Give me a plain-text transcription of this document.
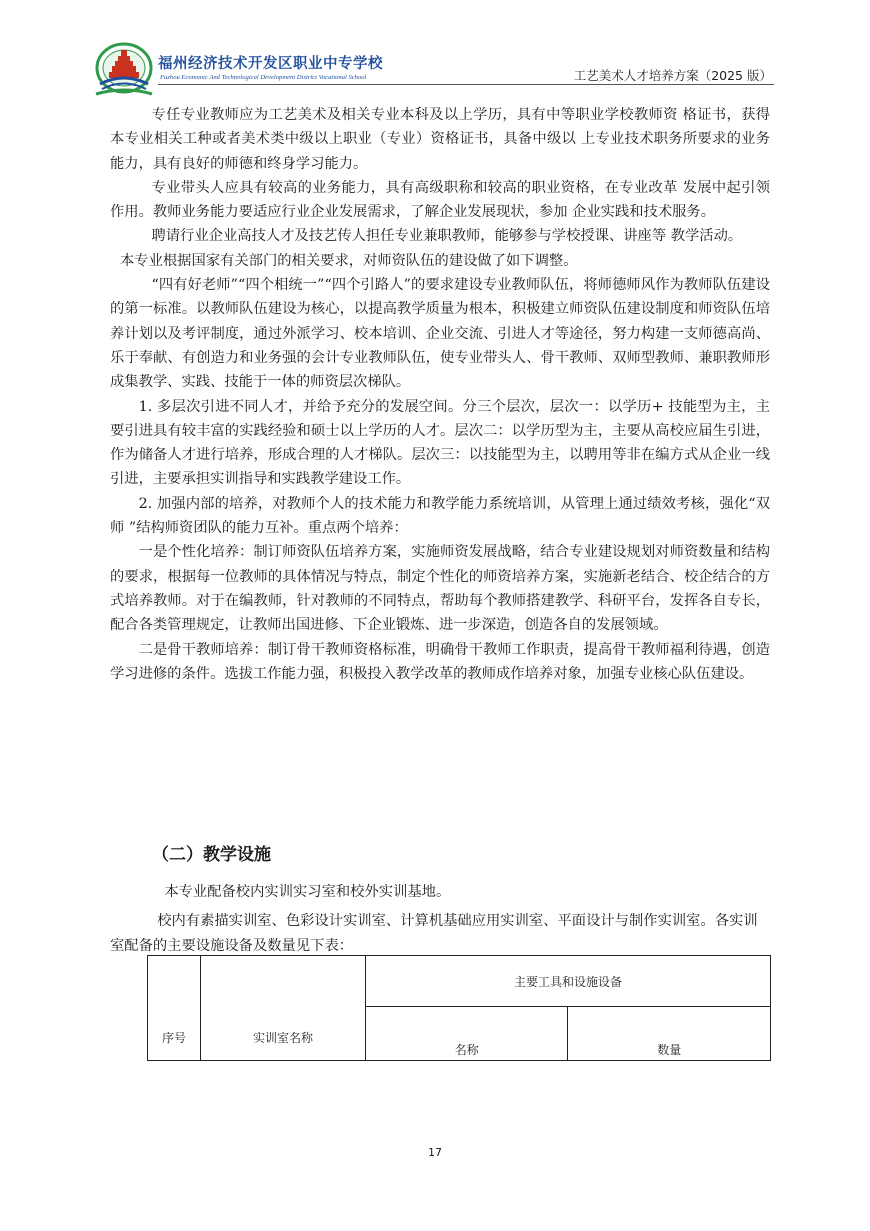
福州经济技术开发区职业中专学校
Fuzhou Economic And Technological Development District Vocational School	工艺美术人才培养方案（2025 版）

专任专业教师应为工艺美术及相关专业本科及以上学历，具有中等职业学校教师资 格证书，获得本专业相关工种或者美术类中级以上职业（专业）资格证书，具备中级以 上专业技术职务所要求的业务能力，具有良好的师德和终身学习能力。

专业带头人应具有较高的业务能力，具有高级职称和较高的职业资格，在专业改革 发展中起引领作用。教师业务能力要适应行业企业发展需求，了解企业发展现状，参加 企业实践和技术服务。

聘请行业企业高技人才及技艺传人担任专业兼职教师，能够参与学校授课、讲座等 教学活动。

本专业根据国家有关部门的相关要求，对师资队伍的建设做了如下调整。

“四有好老师”“四个相统一”“四个引路人”的要求建设专业教师队伍，将师德师风作为教师队伍建设的第一标准。以教师队伍建设为核心，以提高教学质量为根本，积极建立师资队伍建设制度和师资队伍培养计划以及考评制度，通过外派学习、校本培训、企业交流、引进人才等途径，努力构建一支师德高尚、乐于奉献、有创造力和业务强的会计专业教师队伍，使专业带头人、骨干教师、双师型教师、兼职教师形成集教学、实践、技能于一体的师资层次梯队。

1. 多层次引进不同人才，并给予充分的发展空间。分三个层次，层次一：以学历+ 技能型为主，主要引进具有较丰富的实践经验和硕士以上学历的人才。层次二：以学历型为主，主要从高校应届生引进，作为储备人才进行培养，形成合理的人才梯队。层次三：以技能型为主，以聘用等非在编方式从企业一线引进，主要承担实训指导和实践教学建设工作。

2. 加强内部的培养，对教师个人的技术能力和教学能力系统培训，从管理上通过绩效考核，强化“双师 ”结构师资团队的能力互补。重点两个培养：

一是个性化培养：制订师资队伍培养方案，实施师资发展战略，结合专业建设规划对师资数量和结构的要求，根据每一位教师的具体情况与特点，制定个性化的师资培养方案，实施新老结合、校企结合的方式培养教师。对于在编教师，针对教师的不同特点，帮助每个教师搭建教学、科研平台，发挥各自专长，配合各类管理规定，让教师出国进修、下企业锻炼、进一步深造，创造各自的发展领域。

二是骨干教师培养：制订骨干教师资格标准，明确骨干教师工作职责，提高骨干教师福利待遇，创造学习进修的条件。选拔工作能力强，积极投入教学改革的教师成作培养对象，加强专业核心队伍建设。

（二）教学设施

本专业配备校内实训实习室和校外实训基地。

校内有素描实训室、色彩设计实训室、计算机基础应用实训室、平面设计与制作实训室。各实训室配备的主要设施设备及数量见下表：

序号	实训室名称	主要工具和设施设备	
		名称	数量
17
